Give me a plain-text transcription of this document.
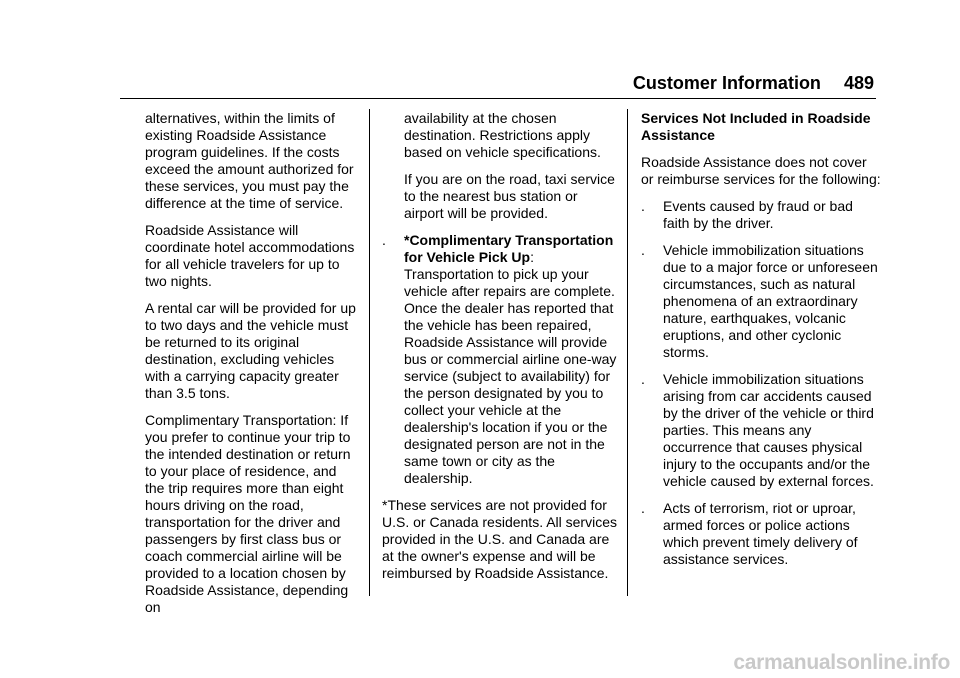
Customer Information 489

alternatives, within the limits of existing Roadside Assistance program guidelines. If the costs exceed the amount authorized for these services, you must pay the difference at the time of service.

Roadside Assistance will coordinate hotel accommodations for all vehicle travelers for up to two nights.

A rental car will be provided for up to two days and the vehicle must be returned to its original destination, excluding vehicles with a carrying capacity greater than 3.5 tons.

Complimentary Transportation: If you prefer to continue your trip to the intended destination or return to your place of residence, and the trip requires more than eight hours driving on the road, transportation for the driver and passengers by first class bus or coach commercial airline will be provided to a location chosen by Roadside Assistance, depending on

availability at the chosen destination. Restrictions apply based on vehicle specifications.

If you are on the road, taxi service to the nearest bus station or airport will be provided.

.	*Complimentary Transportation for Vehicle Pick Up: Transportation to pick up your vehicle after repairs are complete. Once the dealer has reported that the vehicle has been repaired, Roadside Assistance will provide bus or commercial airline one-way service (subject to availability) for the person designated by you to collect your vehicle at the dealership's location if you or the designated person are not in the same town or city as the dealership.

*These services are not provided for U.S. or Canada residents. All services provided in the U.S. and Canada are at the owner's expense and will be reimbursed by Roadside Assistance.

Services Not Included in Roadside Assistance

Roadside Assistance does not cover or reimburse services for the following:

.	Events caused by fraud or bad faith by the driver.
.	Vehicle immobilization situations due to a major force or unforeseen circumstances, such as natural phenomena of an extraordinary nature, earthquakes, volcanic eruptions, and other cyclonic storms.
.	Vehicle immobilization situations arising from car accidents caused by the driver of the vehicle or third parties. This means any occurrence that causes physical injury to the occupants and/or the vehicle caused by external forces.
.	Acts of terrorism, riot or uproar, armed forces or police actions which prevent timely delivery of assistance services.
carmanualsonline.info
